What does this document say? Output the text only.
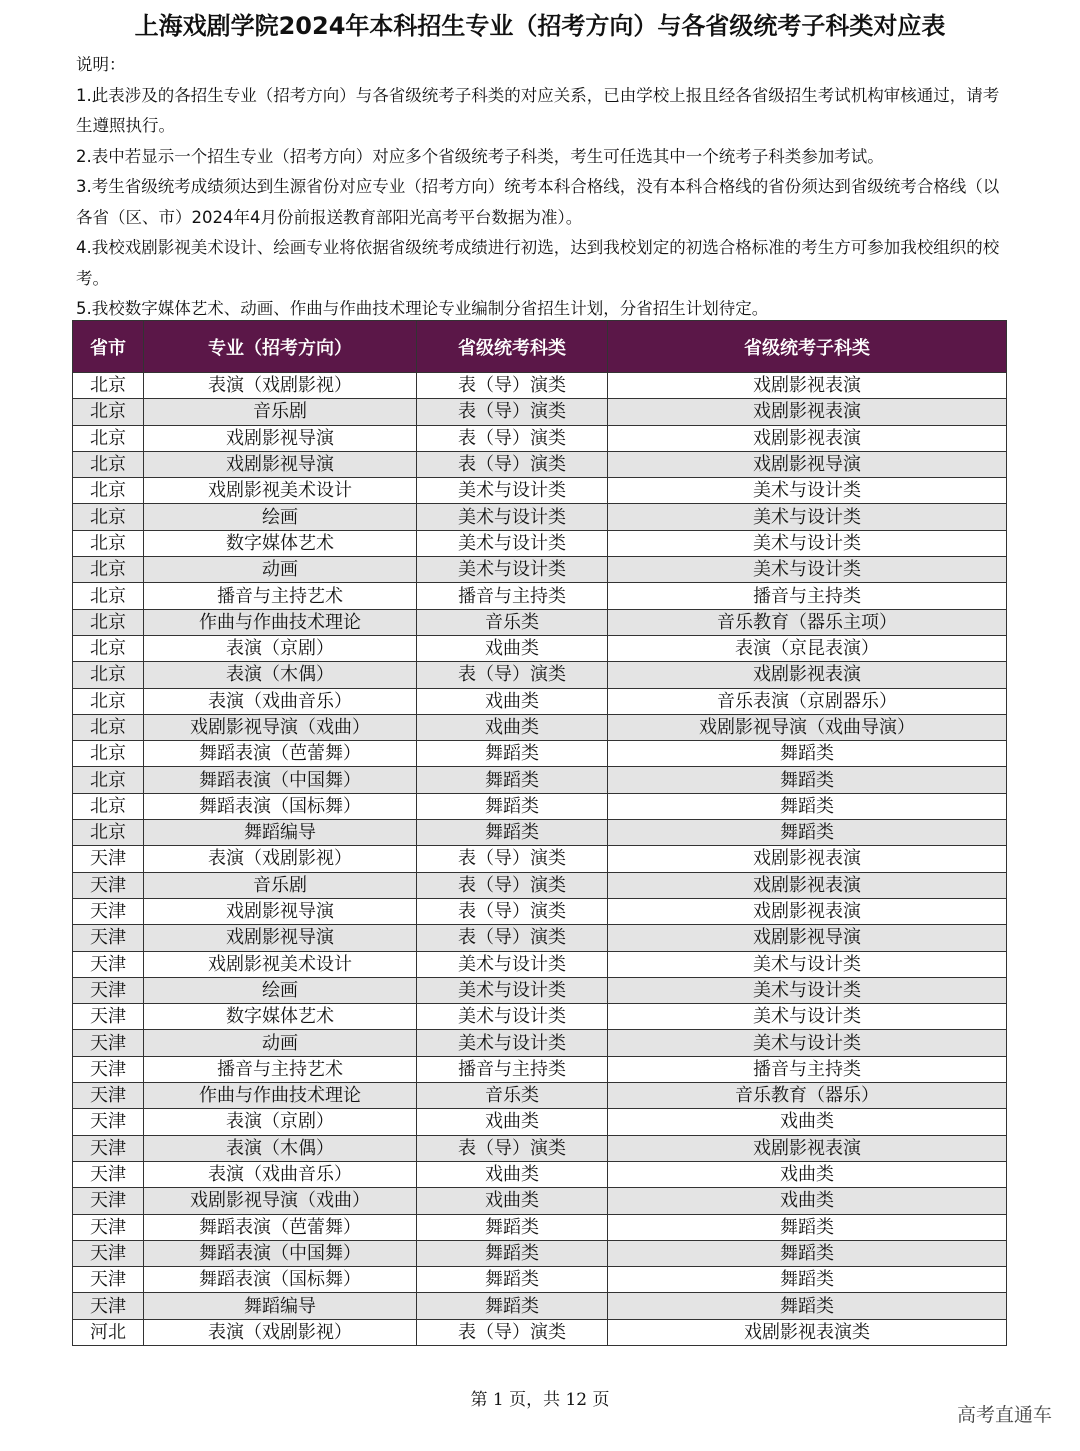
上海戏剧学院2024年本科招生专业（招考方向）与各省级统考子科类对应表

说明：

1.此表涉及的各招生专业（招考方向）与各省级统考子科类的对应关系，已由学校上报且经各省级招生考试机构审核通过，请考生遵照执行。

2.表中若显示一个招生专业（招考方向）对应多个省级统考子科类，考生可任选其中一个统考子科类参加考试。

3.考生省级统考成绩须达到生源省份对应专业（招考方向）统考本科合格线，没有本科合格线的省份须达到省级统考合格线（以各省（区、市）2024年4月份前报送教育部阳光高考平台数据为准）。

4.我校戏剧影视美术设计、绘画专业将依据省级统考成绩进行初选，达到我校划定的初选合格标准的考生方可参加我校组织的校考。

5.我校数字媒体艺术、动画、作曲与作曲技术理论专业编制分省招生计划，分省招生计划待定。

省市	专业（招考方向）	省级统考科类	省级统考子科类
北京	表演（戏剧影视）	表（导）演类	戏剧影视表演
北京	音乐剧	表（导）演类	戏剧影视表演
北京	戏剧影视导演	表（导）演类	戏剧影视表演
北京	戏剧影视导演	表（导）演类	戏剧影视导演
北京	戏剧影视美术设计	美术与设计类	美术与设计类
北京	绘画	美术与设计类	美术与设计类
北京	数字媒体艺术	美术与设计类	美术与设计类
北京	动画	美术与设计类	美术与设计类
北京	播音与主持艺术	播音与主持类	播音与主持类
北京	作曲与作曲技术理论	音乐类	音乐教育（器乐主项）
北京	表演（京剧）	戏曲类	表演（京昆表演）
北京	表演（木偶）	表（导）演类	戏剧影视表演
北京	表演（戏曲音乐）	戏曲类	音乐表演（京剧器乐）
北京	戏剧影视导演（戏曲）	戏曲类	戏剧影视导演（戏曲导演）
北京	舞蹈表演（芭蕾舞）	舞蹈类	舞蹈类
北京	舞蹈表演（中国舞）	舞蹈类	舞蹈类
北京	舞蹈表演（国标舞）	舞蹈类	舞蹈类
北京	舞蹈编导	舞蹈类	舞蹈类
天津	表演（戏剧影视）	表（导）演类	戏剧影视表演
天津	音乐剧	表（导）演类	戏剧影视表演
天津	戏剧影视导演	表（导）演类	戏剧影视表演
天津	戏剧影视导演	表（导）演类	戏剧影视导演
天津	戏剧影视美术设计	美术与设计类	美术与设计类
天津	绘画	美术与设计类	美术与设计类
天津	数字媒体艺术	美术与设计类	美术与设计类
天津	动画	美术与设计类	美术与设计类
天津	播音与主持艺术	播音与主持类	播音与主持类
天津	作曲与作曲技术理论	音乐类	音乐教育（器乐）
天津	表演（京剧）	戏曲类	戏曲类
天津	表演（木偶）	表（导）演类	戏剧影视表演
天津	表演（戏曲音乐）	戏曲类	戏曲类
天津	戏剧影视导演（戏曲）	戏曲类	戏曲类
天津	舞蹈表演（芭蕾舞）	舞蹈类	舞蹈类
天津	舞蹈表演（中国舞）	舞蹈类	舞蹈类
天津	舞蹈表演（国标舞）	舞蹈类	舞蹈类
天津	舞蹈编导	舞蹈类	舞蹈类
河北	表演（戏剧影视）	表（导）演类	戏剧影视表演类
第 1 页，共 12 页
高考直通车
